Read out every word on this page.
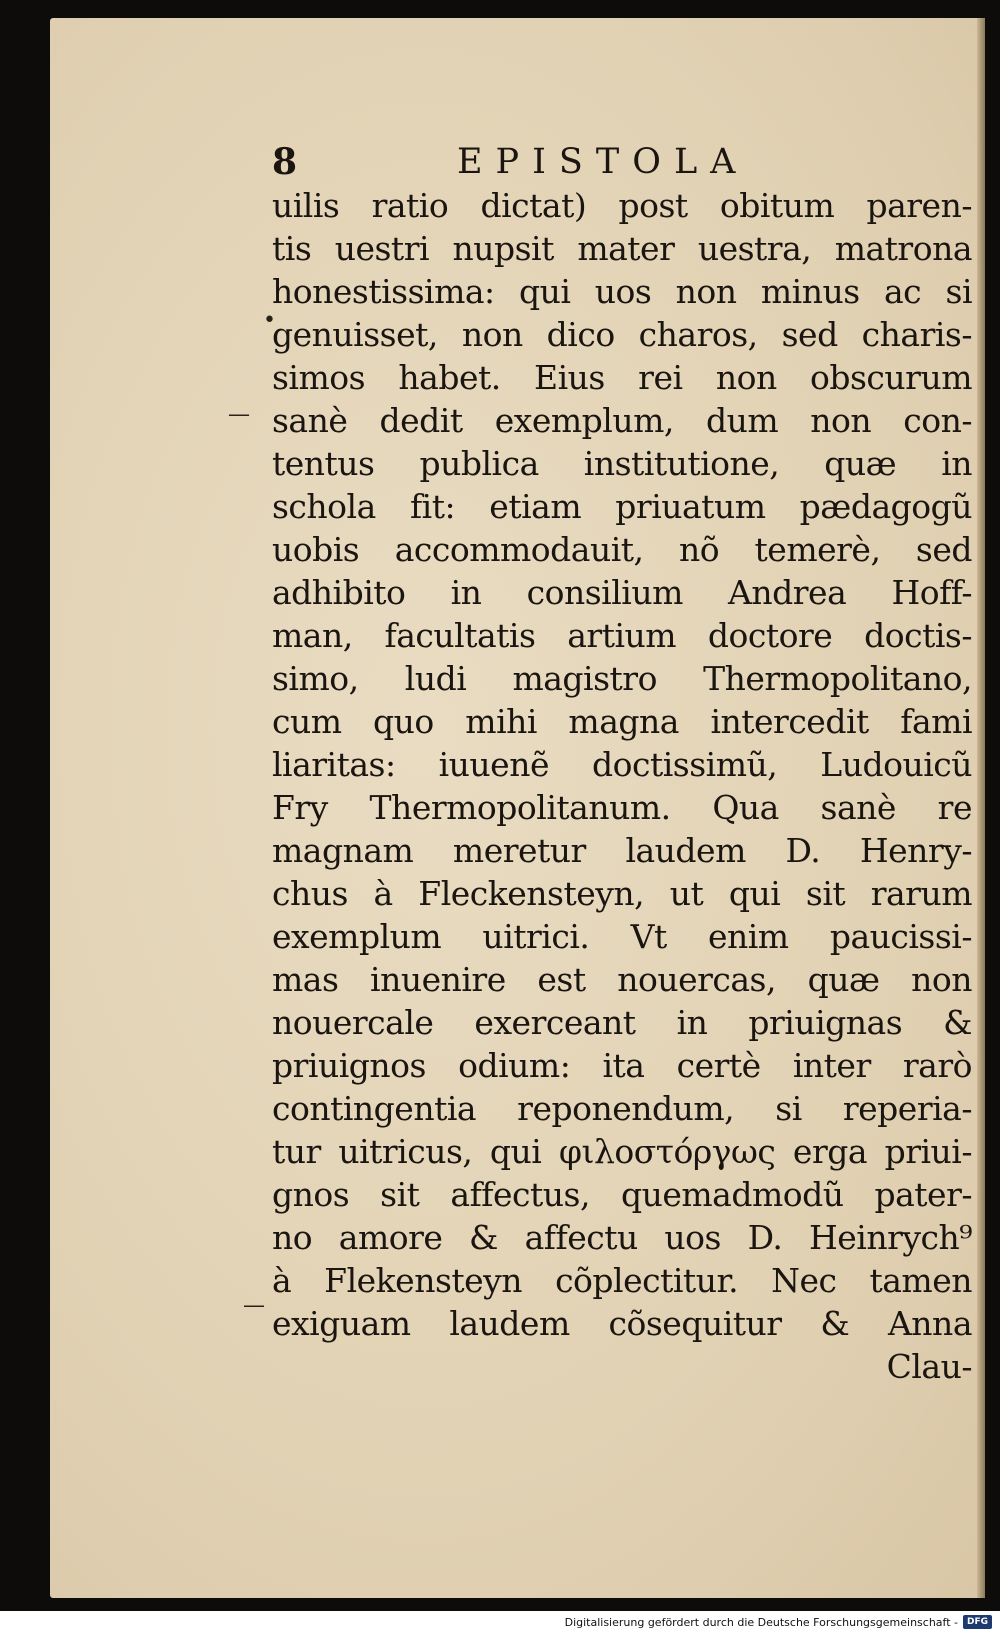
8	EPISTOLA
•
—
—
uilis ratio dictat) post obitum paren-
tis uestri nupsit mater uestra, matrona
honestissima: qui uos non minus ac si
genuisset, non dico charos, sed charis-
simos habet. Eius rei non obscurum
sanè dedit exemplum, dum non con-
tentus publica institutione, quæ in
schola fit: etiam priuatum pædagogũ
uobis accommodauit, nõ temerè, sed
adhibito in consilium Andrea Hoff-
man, facultatis artium doctore doctis-
simo, ludi magistro Thermopolitano,
cum quo mihi magna intercedit fami
liaritas: iuuenẽ doctissimũ, Ludouicũ
Fry Thermopolitanum. Qua sanè re
magnam meretur laudem D. Henry-
chus à Fleckensteyn, ut qui sit rarum
exemplum uitrici. Vt enim paucissi-
mas inuenire est nouercas, quæ non
nouercale exerceant in priuignas &
priuignos odium: ita certè inter rarò
contingentia reponendum, si reperia-
tur uitricus, qui φιλοστόργως erga priui-
gnos sit affectus, quemadmodũ pater-
no amore & affectu uos D. Heinrych⁹
à Flekensteyn cõplectitur. Nec tamen
exiguam laudem cõsequitur & Anna
Clau-
Digitalisierung gefördert durch die Deutsche Forschungsgemeinschaft -	DFG
